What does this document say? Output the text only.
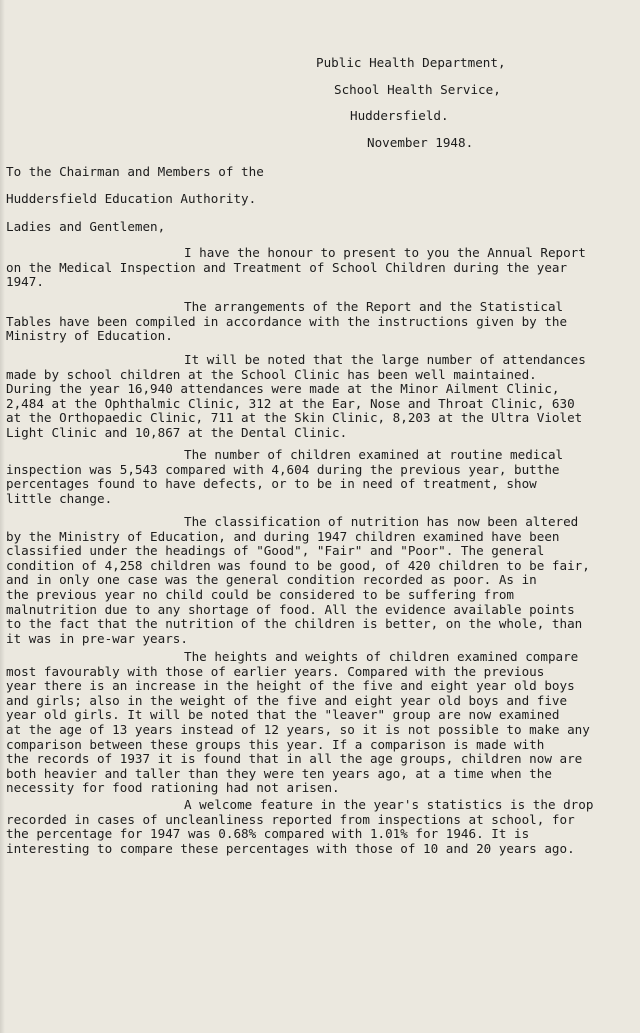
Public Health Department,
School Health Service,
Huddersfield.
November 1948.
To the Chairman and Members of the
Huddersfield Education Authority.
Ladies and Gentlemen,
I have the honour to present to you the Annual Report
on the Medical Inspection and Treatment of School Children during the year
1947.
The arrangements of the Report and the Statistical
Tables have been compiled in accordance with the instructions given by the
Ministry of Education.
It will be noted that the large number of attendances
made by school children at the School Clinic has been well maintained.
During the year 16,940 attendances were made at the Minor Ailment Clinic,
2,484 at the Ophthalmic Clinic, 312 at the Ear, Nose and Throat Clinic, 630
at the Orthopaedic Clinic, 711 at the Skin Clinic, 8,203 at the Ultra Violet
Light Clinic and 10,867 at the Dental Clinic.
The number of children examined at routine medical
inspection was 5,543 compared with 4,604 during the previous year, butthe
percentages found to have defects, or to be in need of treatment, show
little change.
The classification of nutrition has now been altered
by the Ministry of Education, and during 1947 children examined have been
classified under the headings of "Good", "Fair" and "Poor". The general
condition of 4,258 children was found to be good, of 420 children to be fair,
and in only one case was the general condition recorded as poor. As in
the previous year no child could be considered to be suffering from
malnutrition due to any shortage of food. All the evidence available points
to the fact that the nutrition of the children is better, on the whole, than
it was in pre-war years.
The heights and weights of children examined compare
most favourably with those of earlier years. Compared with the previous
year there is an increase in the height of the five and eight year old boys
and girls; also in the weight of the five and eight year old boys and five
year old girls. It will be noted that the "leaver" group are now examined
at the age of 13 years instead of 12 years, so it is not possible to make any
comparison between these groups this year. If a comparison is made with
the records of 1937 it is found that in all the age groups, children now are
both heavier and taller than they were ten years ago, at a time when the
necessity for food rationing had not arisen.
A welcome feature in the year's statistics is the drop
recorded in cases of uncleanliness reported from inspections at school, for
the percentage for 1947 was 0.68% compared with 1.01% for 1946. It is
interesting to compare these percentages with those of 10 and 20 years ago.
